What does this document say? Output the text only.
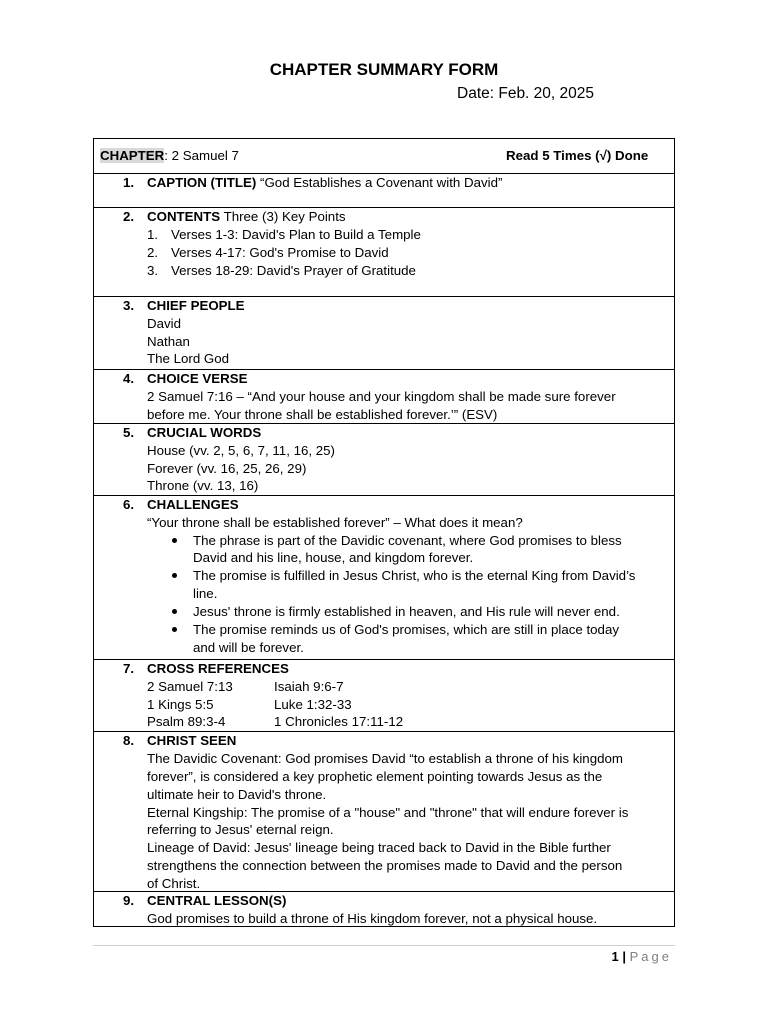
CHAPTER SUMMARY FORM
Date: Feb. 20, 2025
CHAPTER: 2 Samuel 7	Read 5 Times (√) Done
1. CAPTION (TITLE) “God Establishes a Covenant with David”
2. CONTENTS Three (3) Key Points
1. Verses 1-3: David's Plan to Build a Temple
2. Verses 4-17: God's Promise to David
3. Verses 18-29: David's Prayer of Gratitude
3. CHIEF PEOPLE
David
Nathan
The Lord God
4. CHOICE VERSE
2 Samuel 7:16 – “And your house and your kingdom shall be made sure forever
before me. Your throne shall be established forever.’” (ESV)
5. CRUCIAL WORDS
House (vv. 2, 5, 6, 7, 11, 16, 25)
Forever (vv. 16, 25, 26, 29)
Throne (vv. 13, 16)
6. CHALLENGES
“Your throne shall be established forever” – What does it mean?
The phrase is part of the Davidic covenant, where God promises to bless
David and his line, house, and kingdom forever.
The promise is fulfilled in Jesus Christ, who is the eternal King from David’s
line.
Jesus' throne is firmly established in heaven, and His rule will never end.
The promise reminds us of God's promises, which are still in place today
and will be forever.
7. CROSS REFERENCES
2 Samuel 7:13	Isaiah 9:6-7
1 Kings 5:5	Luke 1:32-33
Psalm 89:3-4	1 Chronicles 17:11-12
8. CHRIST SEEN
The Davidic Covenant: God promises David “to establish a throne of his kingdom
forever”, is considered a key prophetic element pointing towards Jesus as the
ultimate heir to David's throne.
Eternal Kingship: The promise of a "house" and "throne" that will endure forever is
referring to Jesus' eternal reign.
Lineage of David: Jesus' lineage being traced back to David in the Bible further
strengthens the connection between the promises made to David and the person
of Christ.
9. CENTRAL LESSON(S)
God promises to build a throne of His kingdom forever, not a physical house.
1 | Page
